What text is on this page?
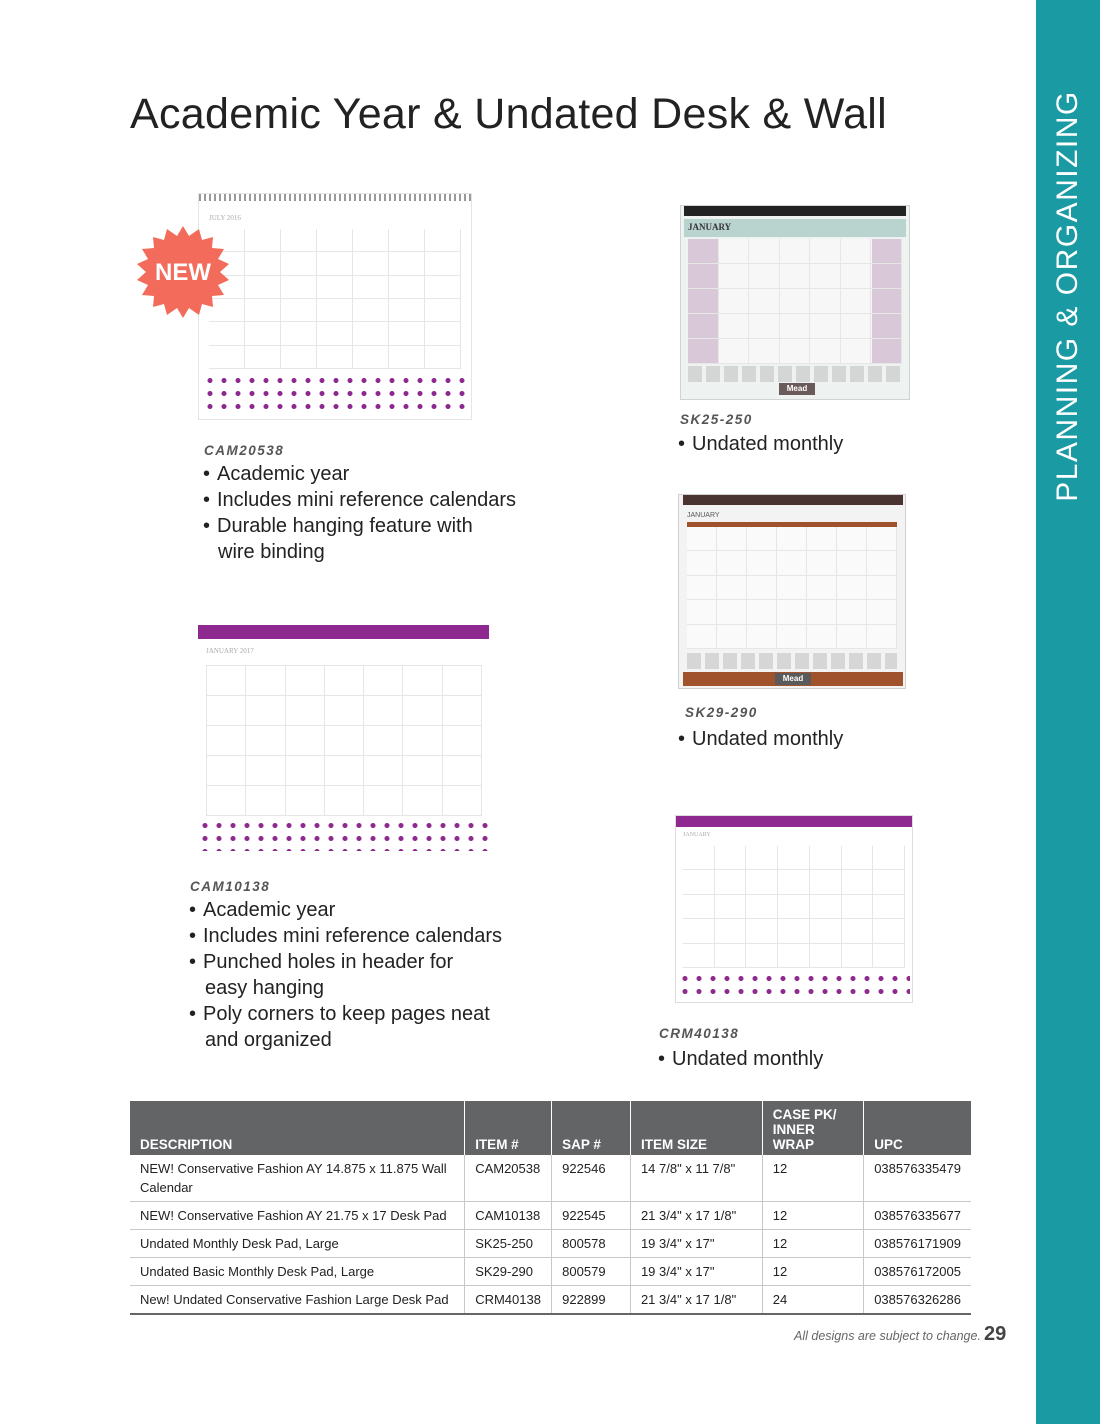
PLANNING & ORGANIZING
Academic Year & Undated Desk & Wall
JULY 2016
NEW
CAM20538
• Academic year
• Includes mini reference calendars
• Durable hanging feature with
wire binding
JANUARY
Mead
SK25-250
• Undated monthly
JANUARY
Mead
SK29-290
• Undated monthly
JANUARY 2017
CAM10138
• Academic year
• Includes mini reference calendars
• Punched holes in header for
easy hanging
• Poly corners to keep pages neat
and organized
JANUARY
CRM40138
• Undated monthly
DESCRIPTION	ITEM #	SAP #	ITEM SIZE	CASE PK/ INNER WRAP	UPC
NEW! Conservative Fashion AY 14.875 x 11.875 Wall Calendar	CAM20538	922546	14 7/8" x 11 7/8"	12	038576335479
NEW! Conservative Fashion AY 21.75 x 17 Desk Pad	CAM10138	922545	21 3/4" x 17 1/8"	12	038576335677
Undated Monthly Desk Pad, Large	SK25-250	800578	19 3/4" x 17"	12	038576171909
Undated Basic Monthly Desk Pad, Large	SK29-290	800579	19 3/4" x 17"	12	038576172005
New! Undated Conservative Fashion Large Desk Pad	CRM40138	922899	21 3/4" x 17 1/8"	24	038576326286
All designs are subject to change. 29
